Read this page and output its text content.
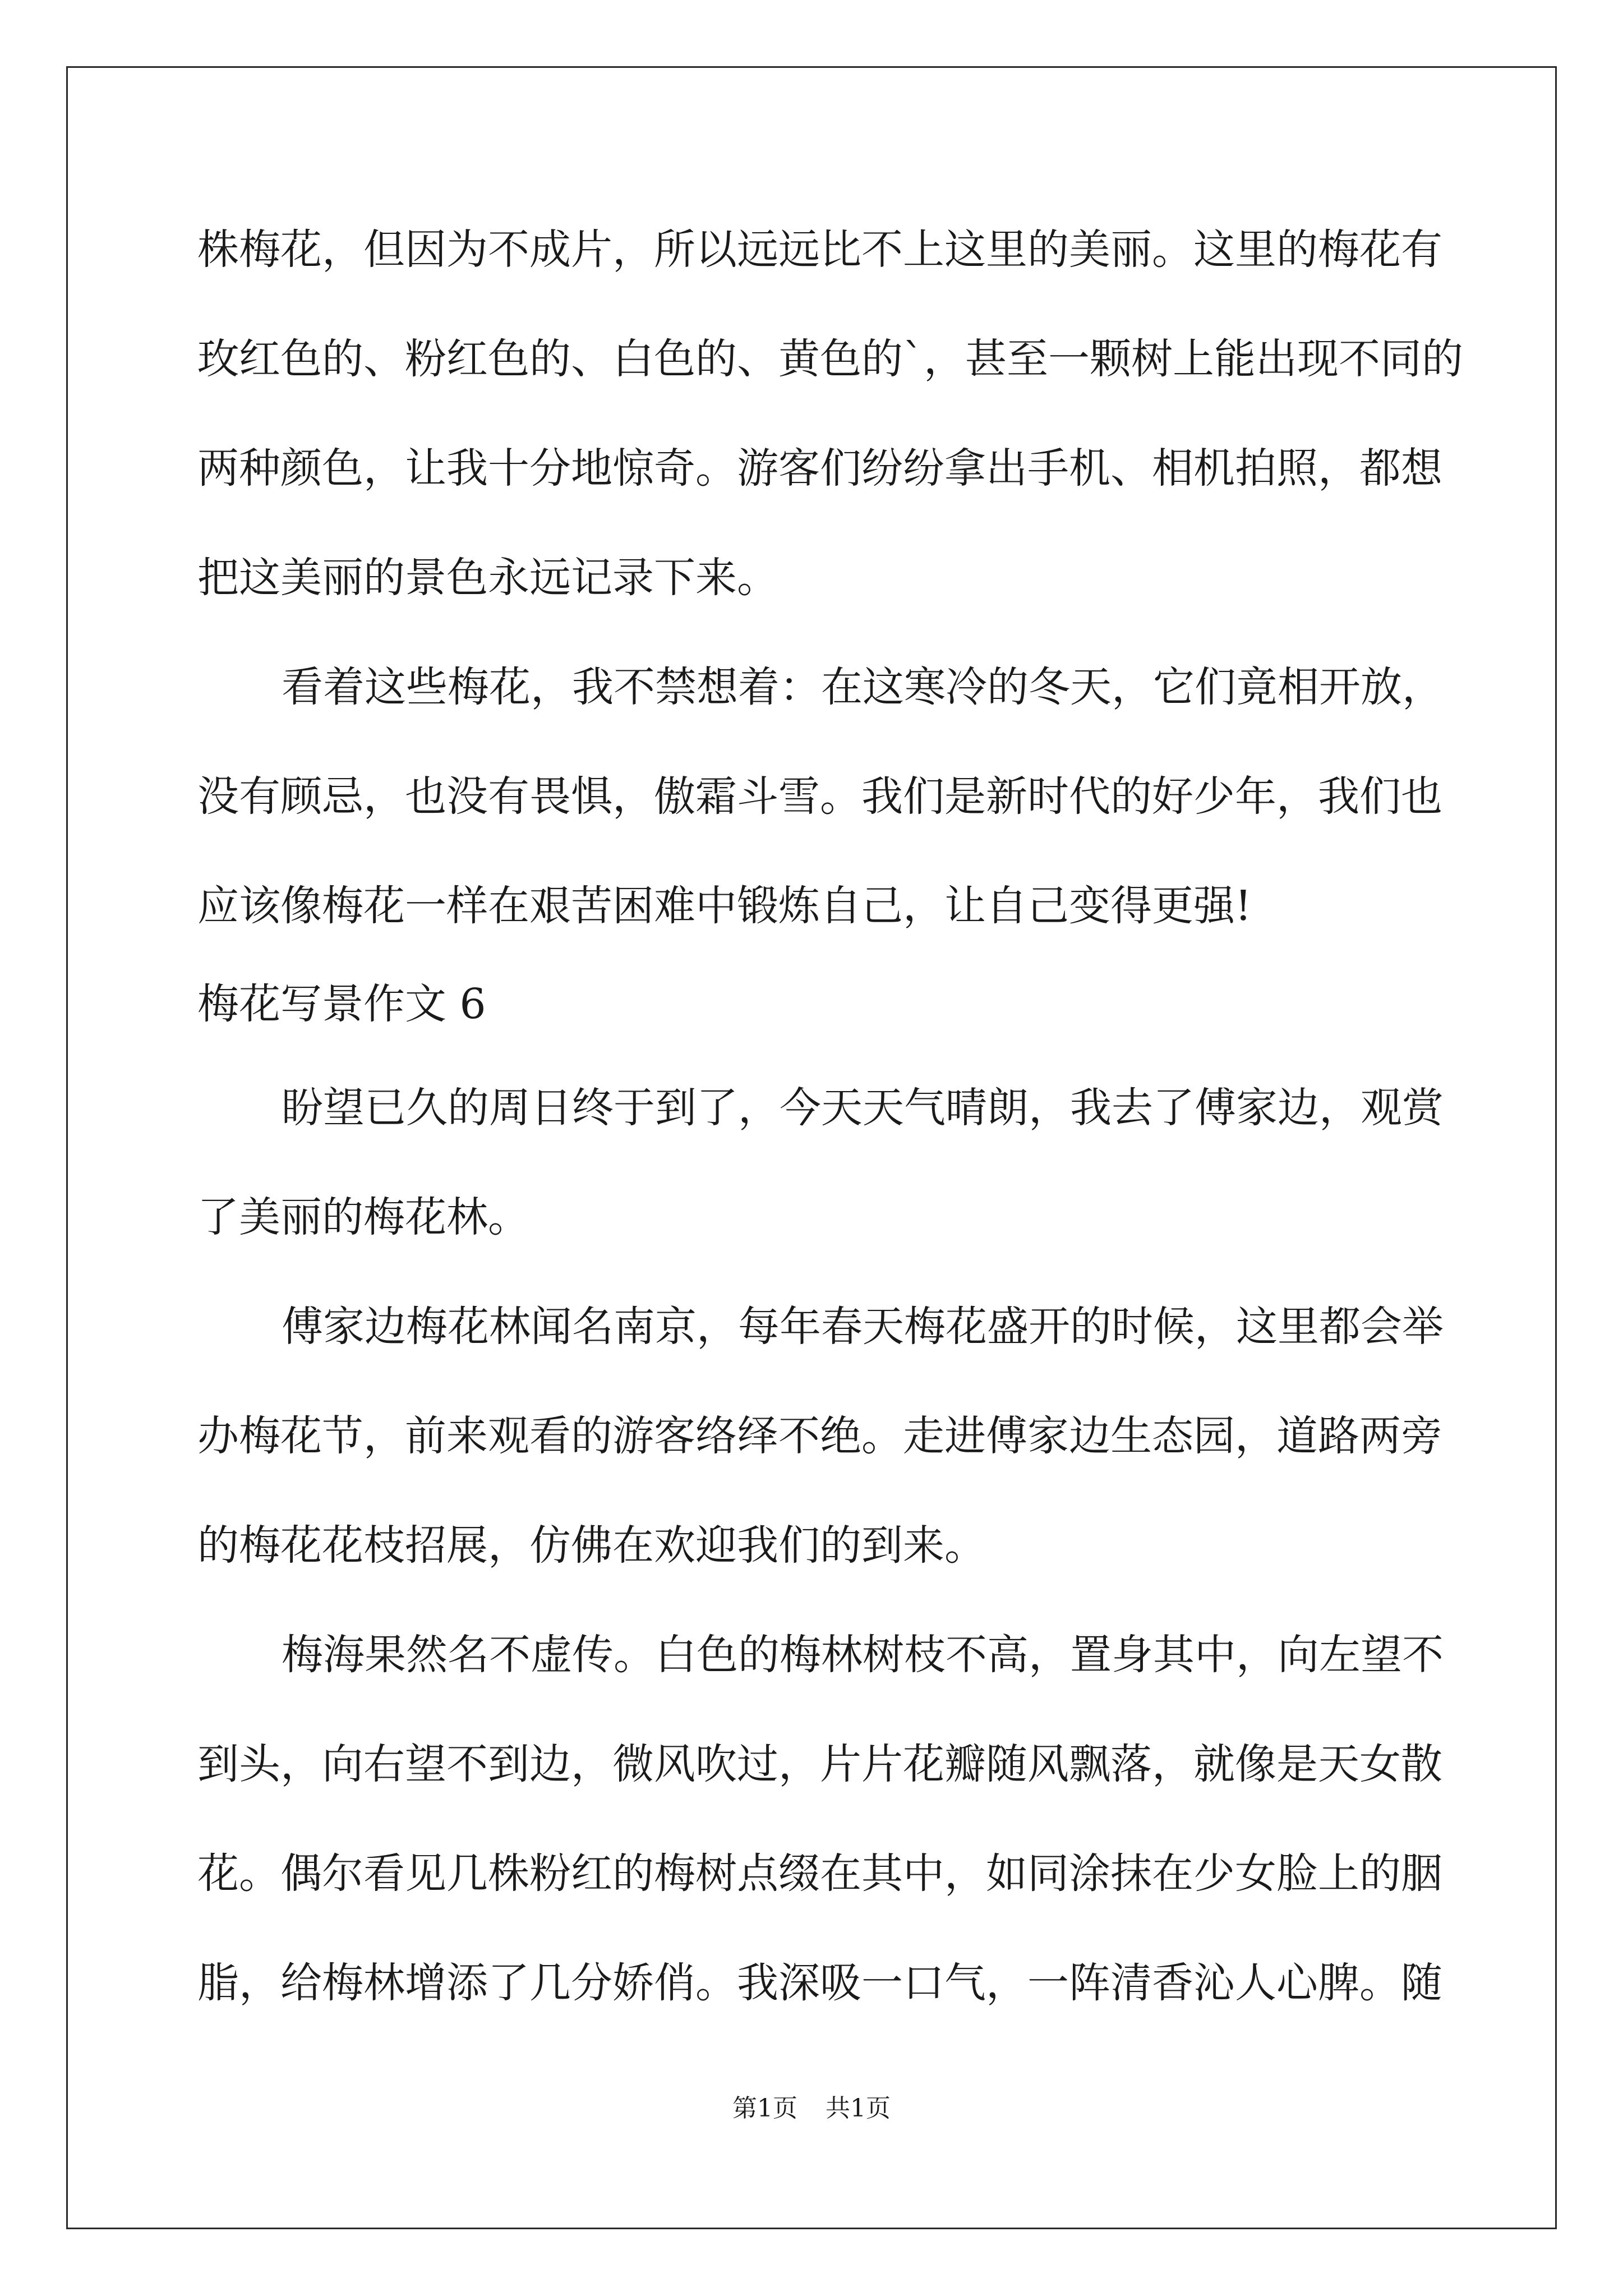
株梅花，但因为不成片，所以远远比不上这里的美丽。这里的梅花有
玫红色的、粉红色的、白色的、黄色的`，甚至一颗树上能出现不同的
两种颜色，让我十分地惊奇。游客们纷纷拿出手机、相机拍照，都想
把这美丽的景色永远记录下来。
看着这些梅花，我不禁想着：在这寒冷的冬天，它们竟相开放，
没有顾忌，也没有畏惧，傲霜斗雪。我们是新时代的好少年，我们也
应该像梅花一样在艰苦困难中锻炼自己，让自己变得更强!
梅花写景作文 6
盼望已久的周日终于到了，今天天气晴朗，我去了傅家边，观赏
了美丽的梅花林。
傅家边梅花林闻名南京，每年春天梅花盛开的时候，这里都会举
办梅花节，前来观看的游客络绎不绝。走进傅家边生态园，道路两旁
的梅花花枝招展，仿佛在欢迎我们的到来。
梅海果然名不虚传。白色的梅林树枝不高，置身其中，向左望不
到头，向右望不到边，微风吹过，片片花瓣随风飘落，就像是天女散
花。偶尔看见几株粉红的梅树点缀在其中，如同涂抹在少女脸上的胭
脂，给梅林增添了几分娇俏。我深吸一口气，一阵清香沁人心脾。随
第1页 共1页
